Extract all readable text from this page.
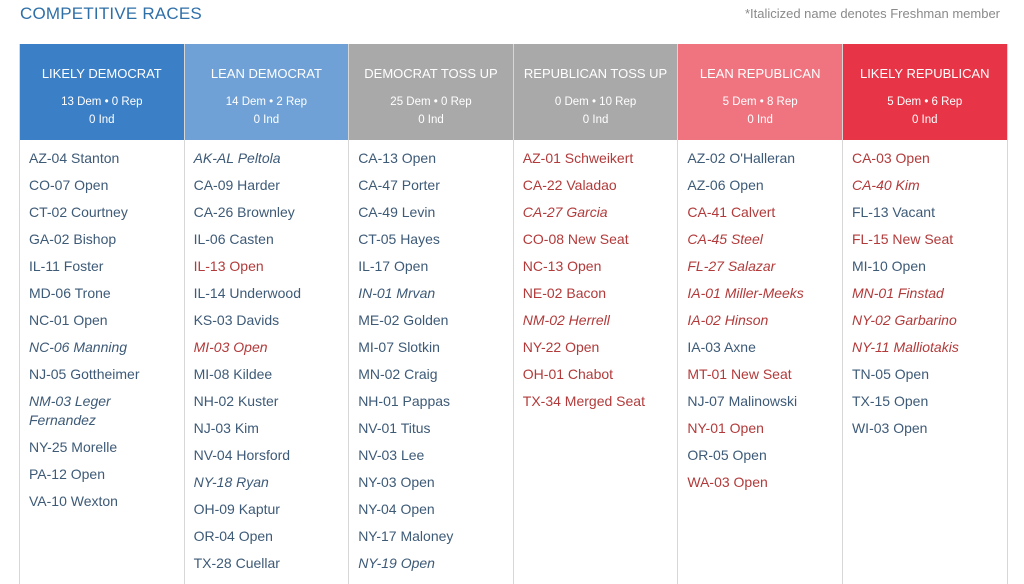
COMPETITIVE RACES	*Italicized name denotes Freshman member
LIKELY DEMOCRAT
13 Dem • 0 Rep
0 Ind
AZ-04 Stanton
CO-07 Open
CT-02 Courtney
GA-02 Bishop
IL-11 Foster
MD-06 Trone
NC-01 Open
NC-06 Manning
NJ-05 Gottheimer
NM-03 Leger Fernandez
NY-25 Morelle
PA-12 Open
VA-10 Wexton
LEAN DEMOCRAT
14 Dem • 2 Rep
0 Ind
AK-AL Peltola
CA-09 Harder
CA-26 Brownley
IL-06 Casten
IL-13 Open
IL-14 Underwood
KS-03 Davids
MI-03 Open
MI-08 Kildee
NH-02 Kuster
NJ-03 Kim
NV-04 Horsford
NY-18 Ryan
OH-09 Kaptur
OR-04 Open
TX-28 Cuellar
DEMOCRAT TOSS UP
25 Dem • 0 Rep
0 Ind
CA-13 Open
CA-47 Porter
CA-49 Levin
CT-05 Hayes
IL-17 Open
IN-01 Mrvan
ME-02 Golden
MI-07 Slotkin
MN-02 Craig
NH-01 Pappas
NV-01 Titus
NV-03 Lee
NY-03 Open
NY-04 Open
NY-17 Maloney
NY-19 Open
REPUBLICAN TOSS UP
0 Dem • 10 Rep
0 Ind
AZ-01 Schweikert
CA-22 Valadao
CA-27 Garcia
CO-08 New Seat
NC-13 Open
NE-02 Bacon
NM-02 Herrell
NY-22 Open
OH-01 Chabot
TX-34 Merged Seat
LEAN REPUBLICAN
5 Dem • 8 Rep
0 Ind
AZ-02 O'Halleran
AZ-06 Open
CA-41 Calvert
CA-45 Steel
FL-27 Salazar
IA-01 Miller-Meeks
IA-02 Hinson
IA-03 Axne
MT-01 New Seat
NJ-07 Malinowski
NY-01 Open
OR-05 Open
WA-03 Open
LIKELY REPUBLICAN
5 Dem • 6 Rep
0 Ind
CA-03 Open
CA-40 Kim
FL-13 Vacant
FL-15 New Seat
MI-10 Open
MN-01 Finstad
NY-02 Garbarino
NY-11 Malliotakis
TN-05 Open
TX-15 Open
WI-03 Open
